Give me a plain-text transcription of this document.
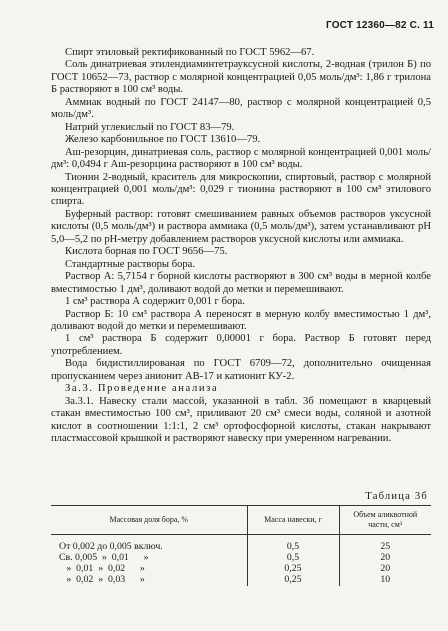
ГОСТ 12360—82 С. 11

Спирт этиловый ректификованный по ГОСТ 5962—67.

Соль динатриевая этилендиаминтетрауксусной кислоты, 2-водная (трилон Б) по ГОСТ 10652—73, раствор с молярной концентрацией 0,05 моль/дм³: 1,86 г трилона Б растворяют в 100 см³ воды.

Аммиак водный по ГОСТ 24147—80, раствор с молярной концентрацией 0,5 моль/дм³.

Натрий углекислый по ГОСТ 83—79.

Железо карбонильное по ГОСТ 13610—79.

Аш-резорцин, динатриевая соль, раствор с молярной концентрацией 0,001 моль/дм³: 0,0494 г Аш-резорцина растворяют в 100 см³ воды.

Тионин 2-водный, краситель для микроскопии, спиртовый, раствор с молярной концентрацией 0,001 моль/дм³: 0,029 г тионина растворяют в 100 см³ этилового спирта.

Буферный раствор: готовят смешиванием равных объемов растворов уксусной кислоты (0,5 моль/дм³) и раствора аммиака (0,5 моль/дм³), затем устанавливают pH 5,0—5,2 по pH-метру добавлением растворов уксусной кислоты или аммиака.

Кислота борная по ГОСТ 9656—75.

Стандартные растворы бора.

Раствор А: 5,7154 г борной кислоты растворяют в 300 см³ воды в мерной колбе вместимостью 1 дм³, доливают водой до метки и перемешивают.

1 см³ раствора А содержит 0,001 г бора.

Раствор Б: 10 см³ раствора А переносят в мерную колбу вместимостью 1 дм³, доливают водой до метки и перемешивают.

1 см³ раствора Б содержит 0,00001 г бора. Раствор Б готовят перед употреблением.

Вода бидистиллированая по ГОСТ 6709—72, дополнительно очищенная пропусканием через анионит АВ-17 и катионит КУ-2.

За.3. Проведение анализа

За.3.1. Навеску стали массой, указанной в табл. 3б помещают в кварцевый стакан вместимостью 100 см³, приливают 20 см³ смеси воды, соляной и азотной кислот в соотношении 1:1:1, 2 см³ ортофосфорной кислоты, стакан накрывают пластмассовой крышкой и растворяют навеску при умеренном нагревании.

Таблица 3б
Массовая доля бора, %	Масса навески, г	Объем аликвотной части, см³
От 0,002 до 0,005 включ.	0,5	25
Св. 0,005  »  0,01      »	0,5	20
»  0,01  »  0,02      »	0,25	20
»  0,02  »  0,03      »	0,25	10
